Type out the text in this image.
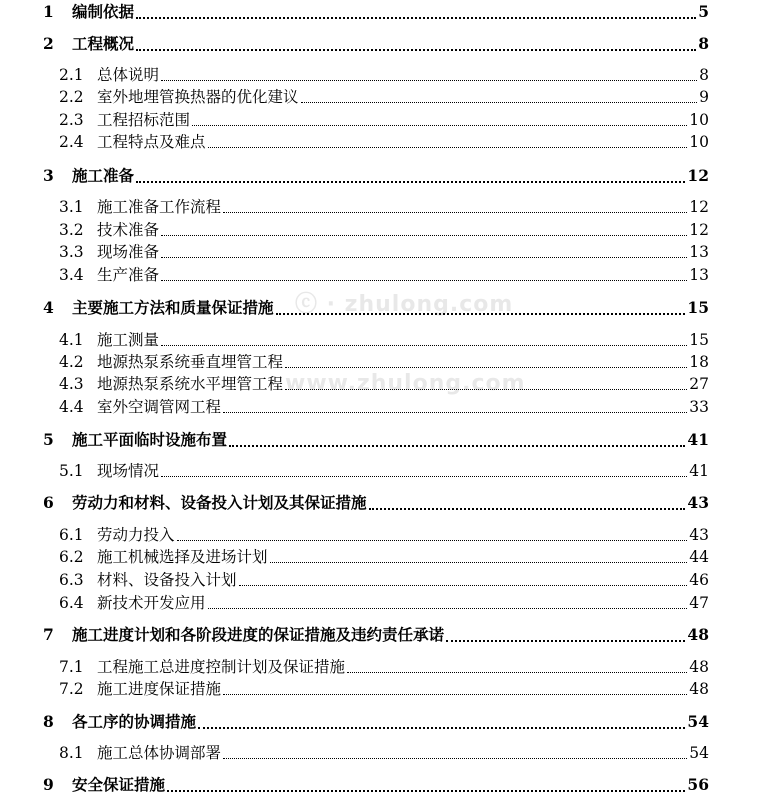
1 编制依据	5
2 工程概况	8
2.1 总体说明	8
2.2 室外地埋管换热器的优化建议	9
2.3 工程招标范围	10
2.4 工程特点及难点	10
3 施工准备	12
3.1 施工准备工作流程	12
3.2 技术准备	12
3.3 现场准备	13
3.4 生产准备	13
4 主要施工方法和质量保证措施	15
4.1 施工测量	15
4.2 地源热泵系统垂直埋管工程	18
4.3 地源热泵系统水平埋管工程	27
4.4 室外空调管网工程	33
5 施工平面临时设施布置	41
5.1 现场情况	41
6 劳动力和材料、设备投入计划及其保证措施	43
6.1 劳动力投入	43
6.2 施工机械选择及进场计划	44
6.3 材料、设备投入计划	46
6.4 新技术开发应用	47
7 施工进度计划和各阶段进度的保证措施及违约责任承诺	48
7.1 工程施工总进度控制计划及保证措施	48
7.2 施工进度保证措施	48
8 各工序的协调措施	54
8.1 施工总体协调部署	54
9 安全保证措施	56
ⓒ · zhulong.com
www.zhulong.com
